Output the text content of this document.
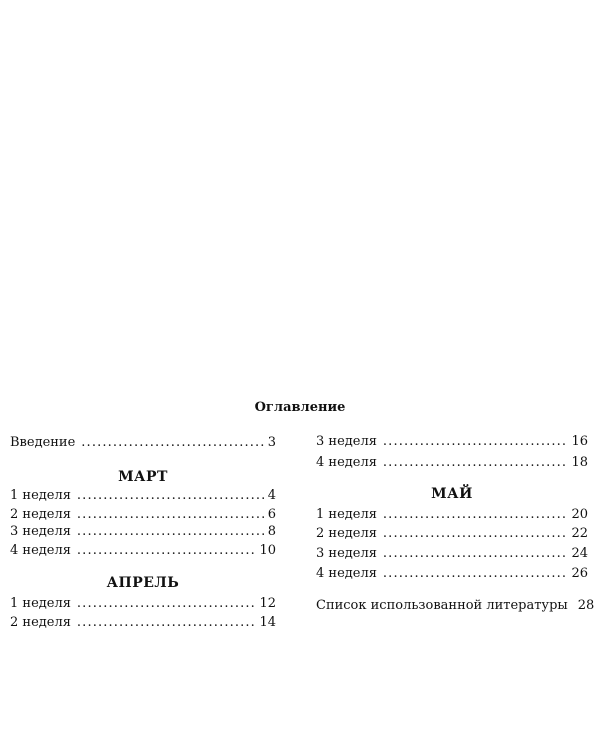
Оглавление
Введение . . .	3
МАРТ
1 неделя . . .	4
2 неделя . . .	6
3 неделя . . .	8
4 неделя . . .	10
АПРЕЛЬ
1 неделя . . .	12
2 неделя . . .	14
3 неделя . . .	16
4 неделя . . .	18
МАЙ
1 неделя . . .	20
2 неделя . . .	22
3 неделя . . .	24
4 неделя . . .	26
Список использованной литературы 28
